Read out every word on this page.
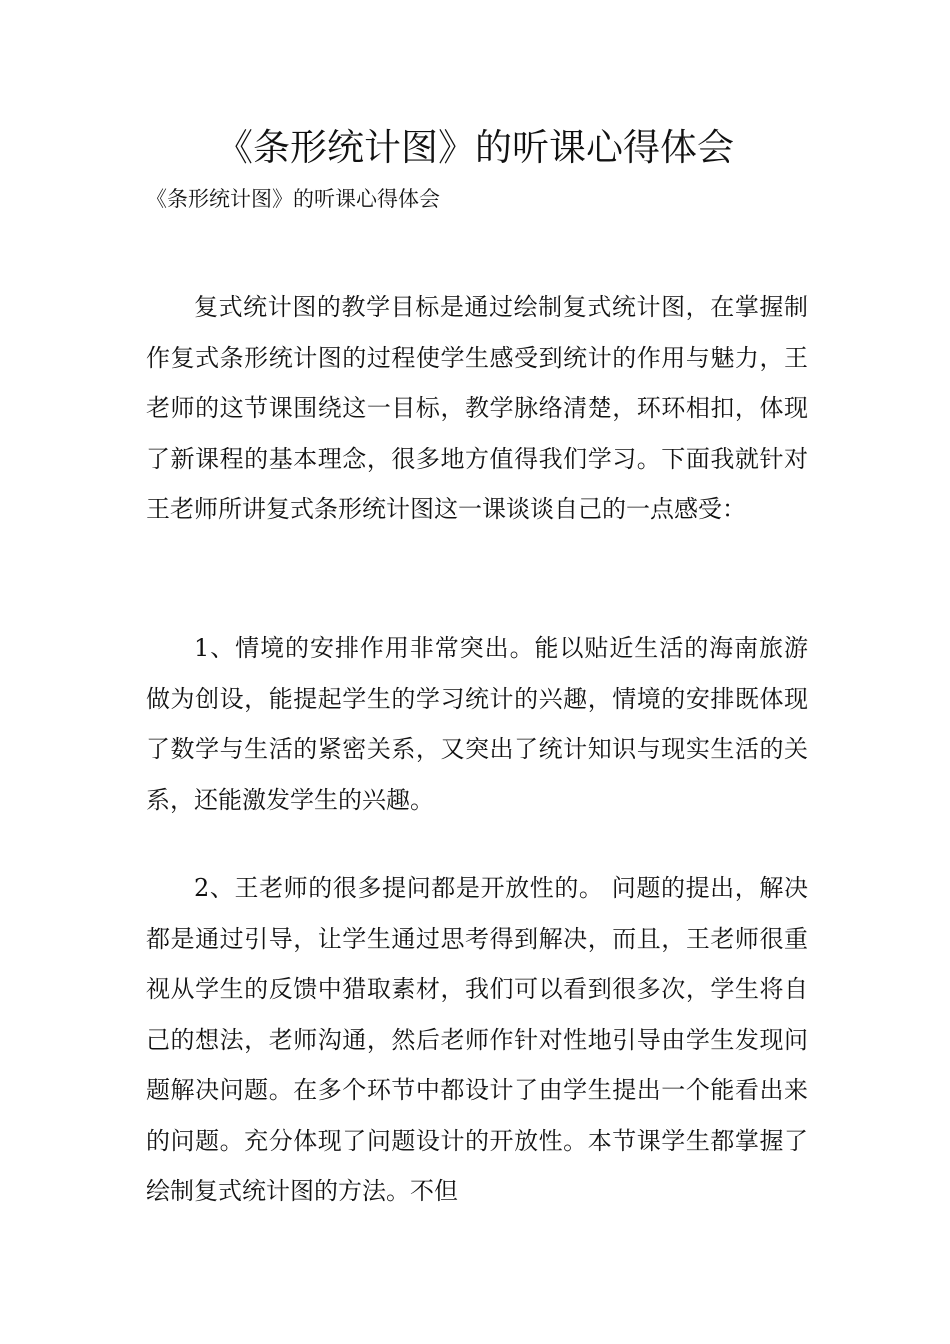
《条形统计图》的听课心得体会
《条形统计图》的听课心得体会

复式统计图的教学目标是通过绘制复式统计图，在掌握制作复式条形统计图的过程使学生感受到统计的作用与魅力，王老师的这节课围绕这一目标，教学脉络清楚，环环相扣，体现了新课程的基本理念，很多地方值得我们学习。下面我就针对王老师所讲复式条形统计图这一课谈谈自己的一点感受：

1、情境的安排作用非常突出。能以贴近生活的海南旅游做为创设，能提起学生的学习统计的兴趣，情境的安排既体现了数学与生活的紧密关系，又突出了统计知识与现实生活的关系，还能激发学生的兴趣。

2、王老师的很多提问都是开放性的。 问题的提出，解决都是通过引导，让学生通过思考得到解决，而且，王老师很重视从学生的反馈中猎取素材，我们可以看到很多次，学生将自己的想法，老师沟通，然后老师作针对性地引导由学生发现问题解决问题。在多个环节中都设计了由学生提出一个能看出来的问题。充分体现了问题设计的开放性。本节课学生都掌握了绘制复式统计图的方法。不但
